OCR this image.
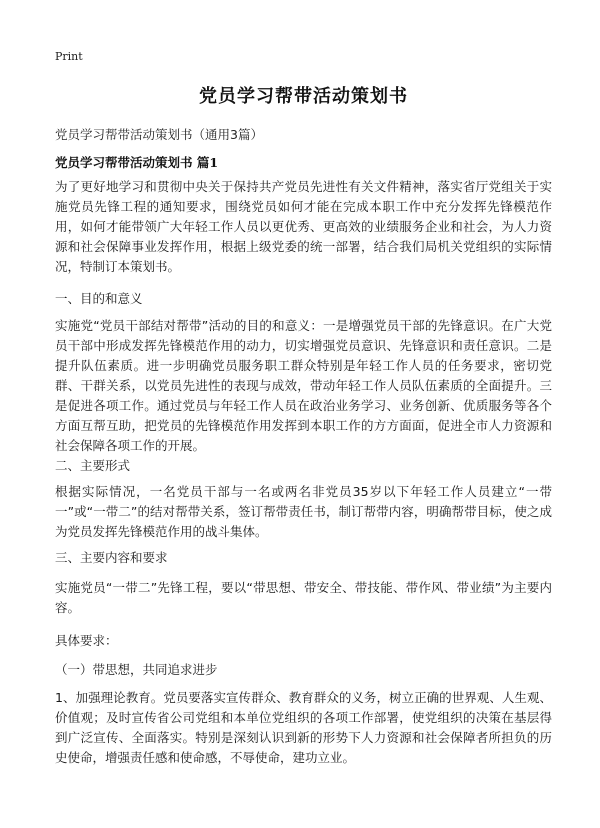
Print
党员学习帮带活动策划书
党员学习帮带活动策划书（通用3篇）
党员学习帮带活动策划书 篇1
为了更好地学习和贯彻中央关于保持共产党员先进性有关文件精神，落实省厅党组关于实施党员先锋工程的通知要求，围绕党员如何才能在完成本职工作中充分发挥先锋模范作用，如何才能带领广大年轻工作人员以更优秀、更高效的业绩服务企业和社会，为人力资源和社会保障事业发挥作用，根据上级党委的统一部署，结合我们局机关党组织的实际情况，特制订本策划书。
一、目的和意义
实施党“党员干部结对帮带”活动的目的和意义：一是增强党员干部的先锋意识。在广大党员干部中形成发挥先锋模范作用的动力，切实增强党员意识、先锋意识和责任意识。二是提升队伍素质。进一步明确党员服务职工群众特别是年轻工作人员的任务要求，密切党群、干群关系，以党员先进性的表现与成效，带动年轻工作人员队伍素质的全面提升。三是促进各项工作。通过党员与年轻工作人员在政治业务学习、业务创新、优质服务等各个方面互帮互助，把党员的先锋模范作用发挥到本职工作的方方面面，促进全市人力资源和社会保障各项工作的开展。
二、主要形式
根据实际情况，一名党员干部与一名或两名非党员35岁以下年轻工作人员建立“一带一”或“一带二”的结对帮带关系，签订帮带责任书，制订帮带内容，明确帮带目标，使之成为党员发挥先锋模范作用的战斗集体。
三、主要内容和要求
实施党员“一带二”先锋工程，要以“带思想、带安全、带技能、带作风、带业绩”为主要内容。
具体要求：
（一）带思想，共同追求进步
1、加强理论教育。党员要落实宣传群众、教育群众的义务，树立正确的世界观、人生观、价值观；及时宣传省公司党组和本单位党组织的各项工作部署，使党组织的决策在基层得到广泛宣传、全面落实。特别是深刻认识到新的形势下人力资源和社会保障者所担负的历史使命，增强责任感和使命感，不辱使命，建功立业。
